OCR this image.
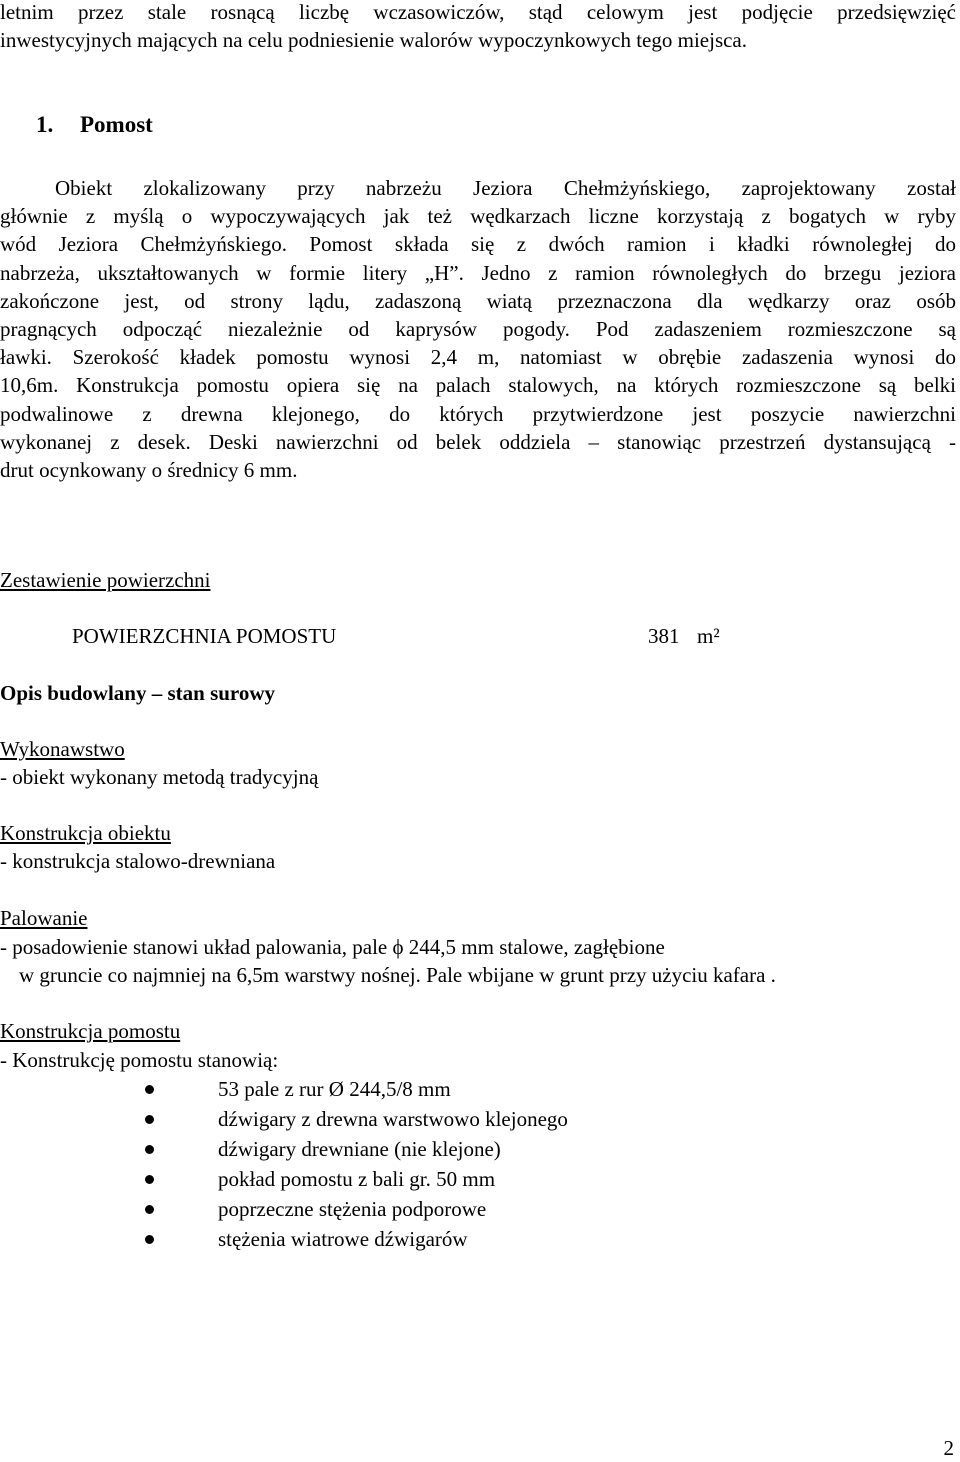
letnim przez stale rosnącą liczbę wczasowiczów, stąd celowym jest podjęcie przedsięwzięć
inwestycyjnych mających na celu podniesienie walorów wypoczynkowych tego miejsca.
1. Pomost
Obiekt zlokalizowany przy nabrzeżu Jeziora Chełmżyńskiego, zaprojektowany został
głównie z myślą o wypoczywających jak też wędkarzach liczne korzystają z bogatych w ryby
wód Jeziora Chełmżyńskiego. Pomost składa się z dwóch ramion i kładki równoległej do
nabrzeża, ukształtowanych w formie litery „H”. Jedno z ramion równoległych do brzegu jeziora
zakończone jest, od strony lądu, zadaszoną wiatą przeznaczona dla wędkarzy oraz osób
pragnących odpocząć niezależnie od kaprysów pogody. Pod zadaszeniem rozmieszczone są
ławki. Szerokość kładek pomostu wynosi 2,4 m, natomiast w obrębie zadaszenia wynosi do
10,6m. Konstrukcja pomostu opiera się na palach stalowych, na których rozmieszczone są belki
podwalinowe z drewna klejonego, do których przytwierdzone jest poszycie nawierzchni
wykonanej z desek. Deski nawierzchni od belek oddziela – stanowiąc przestrzeń dystansującą -
drut ocynkowany o średnicy 6 mm.
Zestawienie powierzchni
POWIERZCHNIA POMOSTU	381 m²
Opis budowlany – stan surowy
Wykonawstwo
- obiekt wykonany metodą tradycyjną
Konstrukcja obiektu
- konstrukcja stalowo-drewniana
Palowanie
- posadowienie stanowi układ palowania, pale ϕ 244,5 mm stalowe, zagłębione
w gruncie co najmniej na 6,5m warstwy nośnej. Pale wbijane w grunt przy użyciu kafara .
Konstrukcja pomostu
- Konstrukcję pomostu stanowią:
53 pale z rur Ø 244,5/8 mm
dźwigary z drewna warstwowo klejonego
dźwigary drewniane (nie klejone)
pokład pomostu z bali gr. 50 mm
poprzeczne stężenia podporowe
stężenia wiatrowe dźwigarów
2
